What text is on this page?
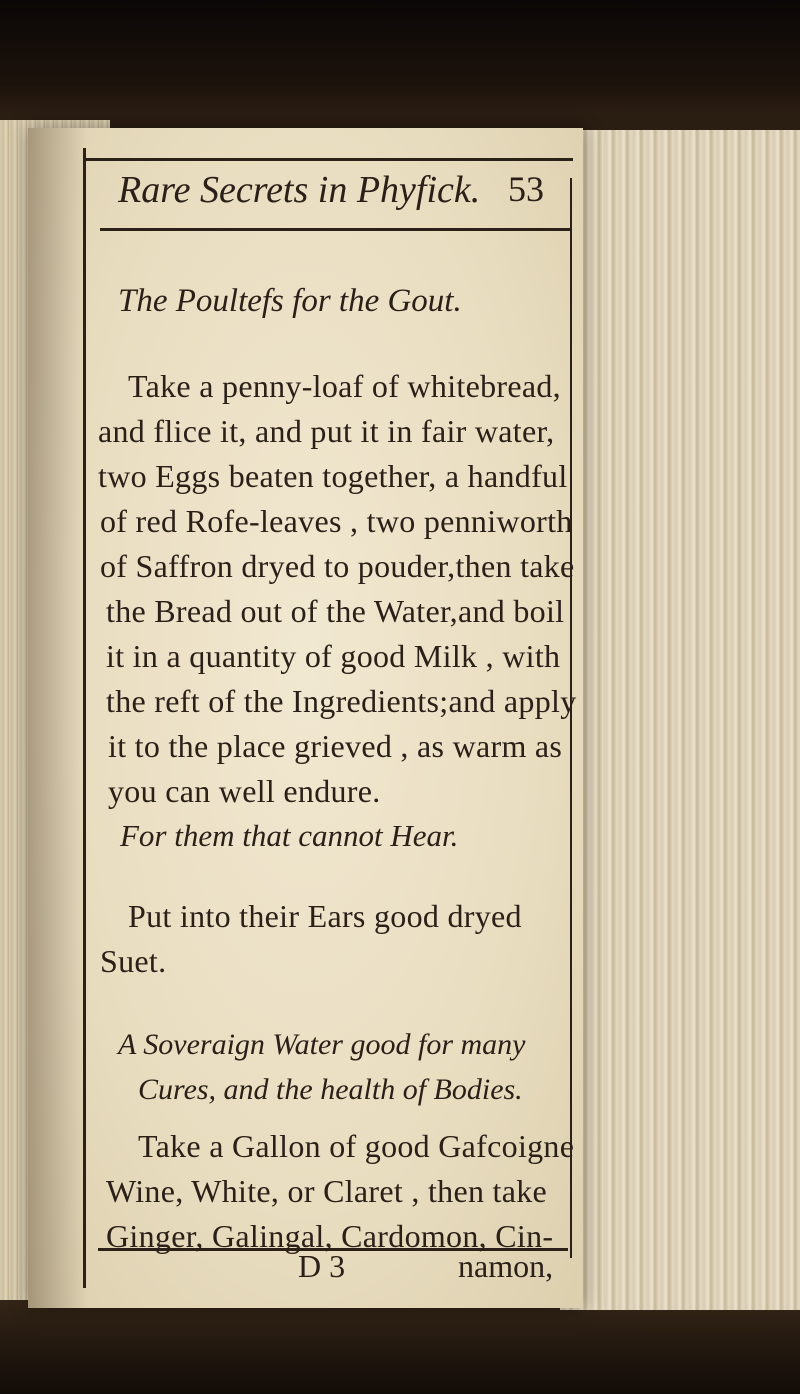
Rare Secrets in Phyfick. 53
The Poultefs for the Gout.
Take a penny-loaf of whitebread,
and flice it, and put it in fair water,
two Eggs beaten together, a handful
of red Rofe-leaves , two penniworth
of Saffron dryed to pouder,then take
the Bread out of the Water,and boil
it in a quantity of good Milk , with
the reft of the Ingredients;and apply
it to the place grieved , as warm as
you can well endure.
For them that cannot Hear.
Put into their Ears good dryed
Suet.
A Soveraign Water good for many
Cures, and the health of Bodies.
Take a Gallon of good Gafcoigne
Wine, White, or Claret , then take
Ginger, Galingal, Cardomon, Cin-
D 3	namon,
